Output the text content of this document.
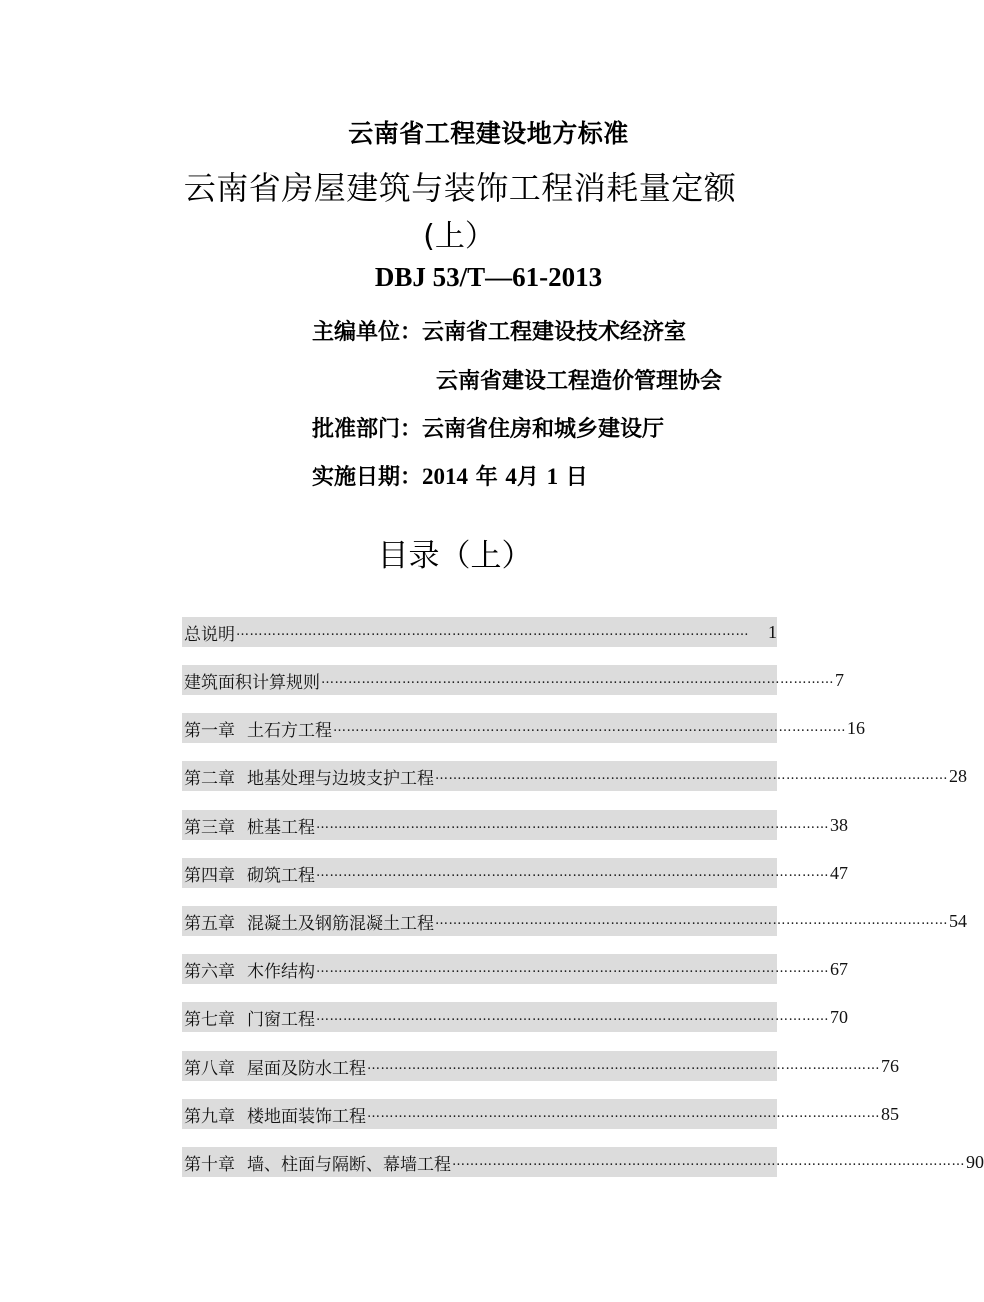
云南省工程建设地方标准
云南省房屋建筑与装饰工程消耗量定额
(上）
DBJ 53/T—61-2013
主编单位：云南省工程建设技术经济室
云南省建设工程造价管理协会
批准部门：云南省住房和城乡建设厅
实施日期：2014 年 4月 1 日
目录（上）
总说明 ……………………………………………………………………………………………………	1
建筑面积计算规则 …………………………………………………………………………………………………… 7
第一章 土石方工程 …………………………………………………………………………………………………… 16
第二章 地基处理与边坡支护工程 …………………………………………………………………………………………………… 28
第三章 桩基工程 …………………………………………………………………………………………………… 38
第四章 砌筑工程 …………………………………………………………………………………………………… 47
第五章 混凝土及钢筋混凝土工程 …………………………………………………………………………………………………… 54
第六章 木作结构 …………………………………………………………………………………………………… 67
第七章 门窗工程 …………………………………………………………………………………………………… 70
第八章 屋面及防水工程 …………………………………………………………………………………………………… 76
第九章 楼地面装饰工程 …………………………………………………………………………………………………… 85
第十章 墙、柱面与隔断、幕墙工程 …………………………………………………………………………………………………… 90
